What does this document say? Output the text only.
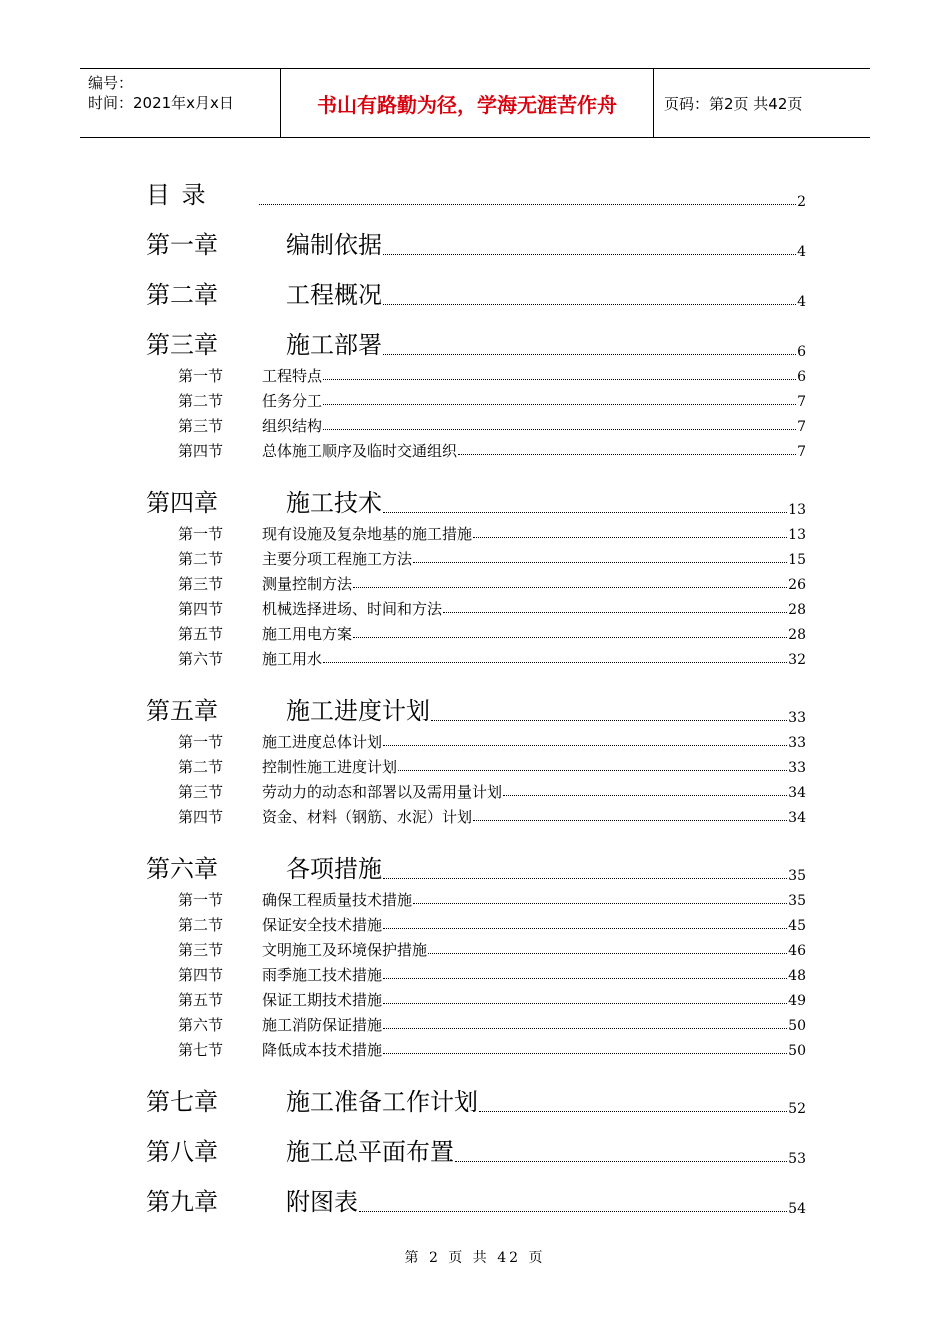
编号：
时间：2021年x月x日	书山有路勤为径，学海无涯苦作舟	页码：第2页 共42页
目 录	2
第一章	编制依据	4
第二章	工程概况	4
第三章	施工部署	6
第一节	工程特点	6
第二节	任务分工	7
第三节	组织结构	7
第四节	总体施工顺序及临时交通组织	7
第四章	施工技术	13
第一节	现有设施及复杂地基的施工措施	13
第二节	主要分项工程施工方法	15
第三节	测量控制方法	26
第四节	机械选择进场、时间和方法	28
第五节	施工用电方案	28
第六节	施工用水	32
第五章	施工进度计划	33
第一节	施工进度总体计划	33
第二节	控制性施工进度计划	33
第三节	劳动力的动态和部署以及需用量计划	34
第四节	资金、材料（钢筋、水泥）计划	34
第六章	各项措施	35
第一节	确保工程质量技术措施	35
第二节	保证安全技术措施	45
第三节	文明施工及环境保护措施	46
第四节	雨季施工技术措施	48
第五节	保证工期技术措施	49
第六节	施工消防保证措施	50
第七节	降低成本技术措施	50
第七章	施工准备工作计划	52
第八章	施工总平面布置	53
第九章	附图表	54
第 2 页 共 42 页
